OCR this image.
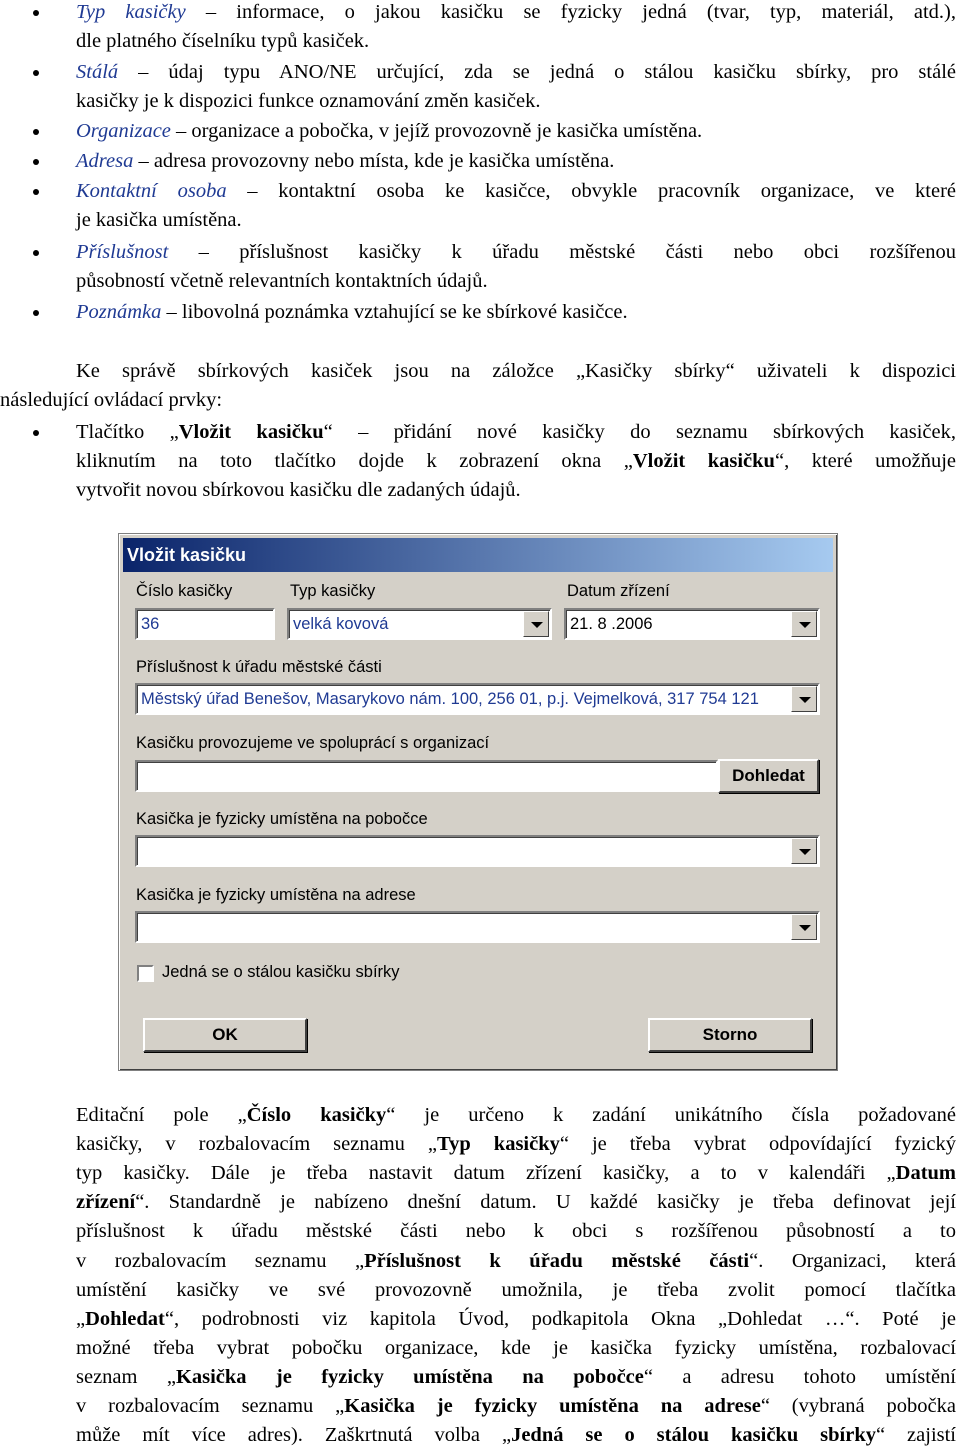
Typ kasičky – informace, o jakou kasičku se fyzicky jedná (tvar, typ, materiál, atd.),
dle platného číselníku typů kasiček.
Stálá – údaj typu ANO/NE určující, zda se jedná o stálou kasičku sbírky, pro stálé
kasičky je k dispozici funkce oznamování změn kasiček.
Organizace – organizace a pobočka, v jejíž provozovně je kasička umístěna.
Adresa – adresa provozovny nebo místa, kde je kasička umístěna.
Kontaktní osoba – kontaktní osoba ke kasičce, obvykle pracovník organizace, ve které
je kasička umístěna.
Příslušnost – příslušnost kasičky k úřadu městské části nebo obci rozšířenou
působností včetně relevantních kontaktních údajů.
Poznámka – libovolná poznámka vztahující se ke sbírkové kasičce.
Ke správě sbírkových kasiček jsou na záložce „Kasičky sbírky“ uživateli k dispozici
následující ovládací prvky:
Tlačítko „Vložit kasičku“ – přidání nové kasičky do seznamu sbírkových kasiček,
kliknutím na toto tlačítko dojde k zobrazení okna „Vložit kasičku“, které umožňuje
vytvořit novou sbírkovou kasičku dle zadaných údajů.
Vložit kasičku
Číslo kasičky
36
Typ kasičky
velká kovová
Datum zřízení
21. 8 .2006
Příslušnost k úřadu městské části
Městský úřad Benešov, Masarykovo nám. 100, 256 01, p.j. Vejmelková, 317 754 121
Kasičku provozujeme ve spoluprácí s organizací
Dohledat
Kasička je fyzicky umístěna na pobočce
Kasička je fyzicky umístěna na adrese
Jedná se o stálou kasičku sbírky
OK	Storno
Editační pole „Číslo kasičky“ je určeno k zadání unikátního čísla požadované
kasičky, v rozbalovacím seznamu „Typ kasičky“ je třeba vybrat odpovídající fyzický
typ kasičky. Dále je třeba nastavit datum zřízení kasičky, a to v kalendáři „Datum
zřízení“. Standardně je nabízeno dnešní datum. U každé kasičky je třeba definovat její
příslušnost k úřadu městské části nebo k obci s rozšířenou působností a to
v rozbalovacím seznamu „Příslušnost k úřadu městské části“. Organizaci, která
umístění kasičky ve své provozovně umožnila, je třeba zvolit pomocí tlačítka
„Dohledat“, podrobnosti viz kapitola Úvod, podkapitola Okna „Dohledat …“. Poté je
možné třeba vybrat pobočku organizace, kde je kasička fyzicky umístěna, rozbalovací
seznam „Kasička je fyzicky umístěna na pobočce“ a adresu tohoto umístění
v rozbalovacím seznamu „Kasička je fyzicky umístěna na adrese“ (vybraná pobočka
může mít více adres). Zaškrtnutá volba „Jedná se o stálou kasičku sbírky“ zajistí
